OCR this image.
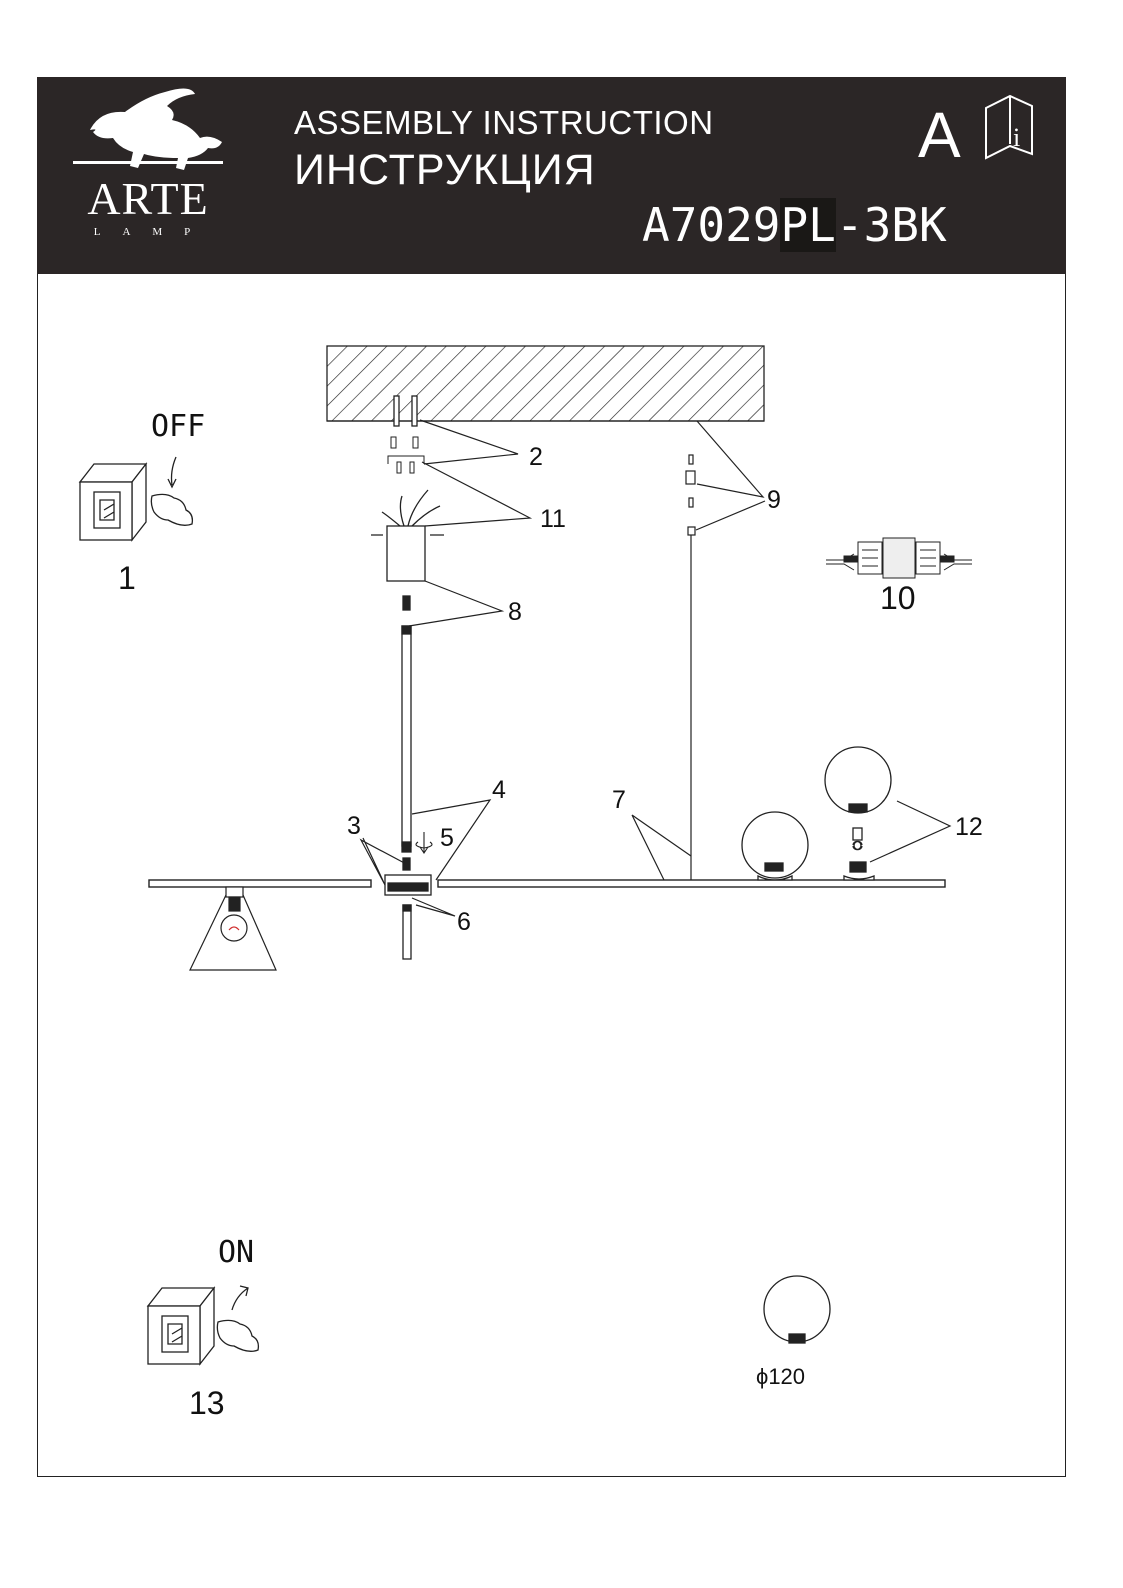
i
ARTE
LAMP
ASSEMBLY INSTRUCTION
ИНСТРУКЦИЯ
A7029PL-3BK
A
OFF
1
ON
13
2
3
4
5
6
7
8
9
10
11
12
ϕ120
